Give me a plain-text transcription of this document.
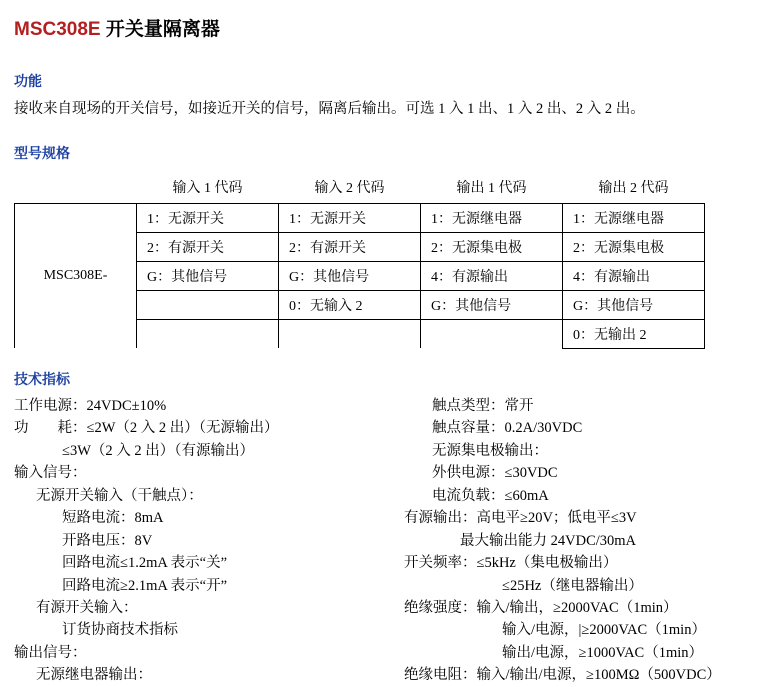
MSC308E 开关量隔离器
功能
接收来自现场的开关信号，如接近开关的信号，隔离后输出。可选 1 入 1 出、1 入 2 出、2 入 2 出。
型号规格
	输入 1 代码	输入 2 代码	输出 1 代码	输出 2 代码
MSC308E-	1：无源开关	1：无源开关	1：无源继电器	1：无源继电器
	2：有源开关	2：有源开关	2：无源集电极	2：无源集电极
	G：其他信号	G：其他信号	4：有源输出	4：有源输出
		0：无输入 2	G：其他信号	G：其他信号
				0：无输出 2
技术指标
工作电源：24VDC±10%
功　　耗：≤2W（2 入 2 出）（无源输出）
≤3W（2 入 2 出）（有源输出）
输入信号：
无源开关输入（干触点）：
短路电流：8mA
开路电压：8V
回路电流≤1.2mA 表示“关”
回路电流≥2.1mA 表示“开”
有源开关输入：
订货协商技术指标
输出信号：
无源继电器输出：
触点类型：常开
触点容量：0.2A/30VDC
无源集电极输出：
外供电源：≤30VDC
电流负载：≤60mA
有源输出：高电平≥20V；低电平≤3V
最大输出能力 24VDC/30mA
开关频率：≤5kHz（集电极输出）
≤25Hz（继电器输出）
绝缘强度：输入/输出，≥2000VAC（1min）
输入/电源，|≥2000VAC（1min）
输出/电源，≥1000VAC（1min）
绝缘电阻：输入/输出/电源，≥100MΩ（500VDC）
